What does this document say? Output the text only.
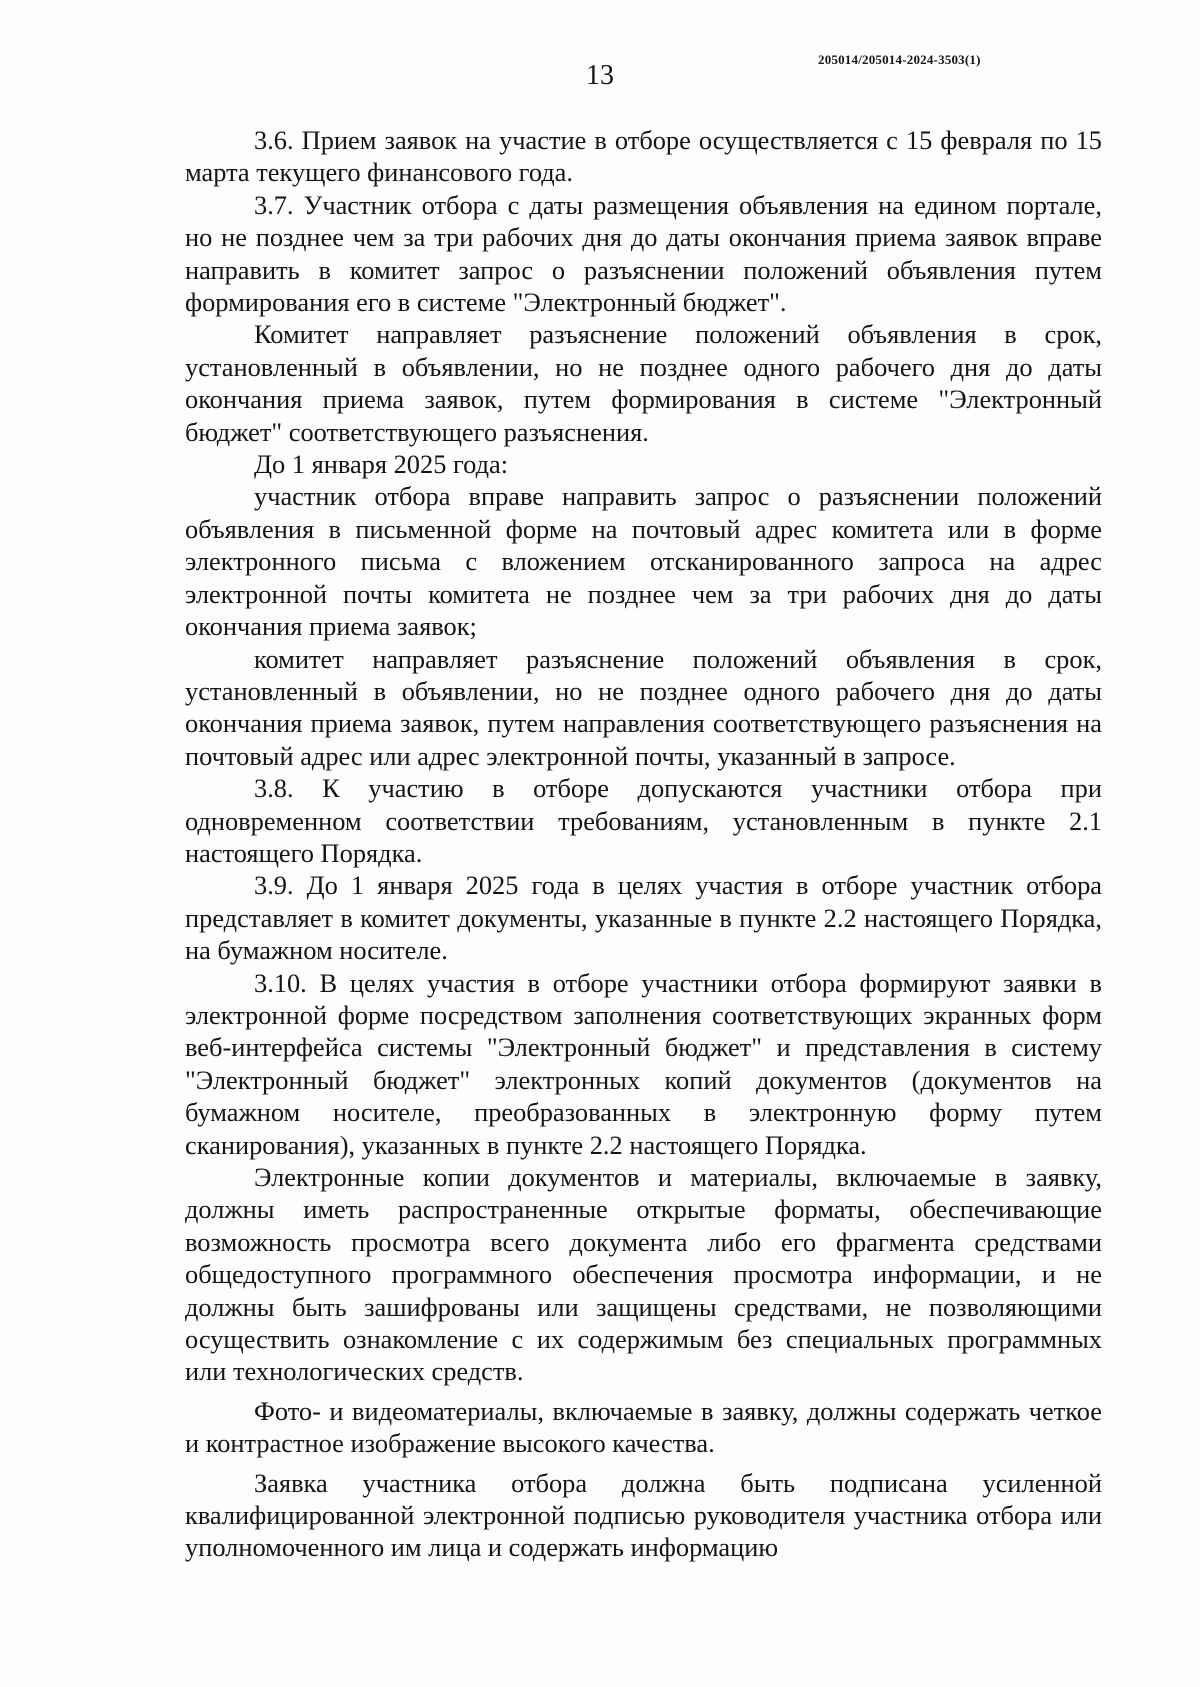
205014/205014-2024-3503(1)
13

3.6. Прием заявок на участие в отборе осуществляется с 15 февраля по 15 марта текущего финансового года.

3.7. Участник отбора с даты размещения объявления на едином портале, но не позднее чем за три рабочих дня до даты окончания приема заявок вправе направить в комитет запрос о разъяснении положений объявления путем формирования его в системе "Электронный бюджет".

Комитет направляет разъяснение положений объявления в срок, установленный в объявлении, но не позднее одного рабочего дня до даты окончания приема заявок, путем формирования в системе "Электронный бюджет" соответствующего разъяснения.

До 1 января 2025 года:

участник отбора вправе направить запрос о разъяснении положений объявления в письменной форме на почтовый адрес комитета или в форме электронного письма с вложением отсканированного запроса на адрес электронной почты комитета не позднее чем за три рабочих дня до даты окончания приема заявок;

комитет направляет разъяснение положений объявления в срок, установленный в объявлении, но не позднее одного рабочего дня до даты окончания приема заявок, путем направления соответствующего разъяснения на почтовый адрес или адрес электронной почты, указанный в запросе.

3.8. К участию в отборе допускаются участники отбора при одновременном соответствии требованиям, установленным в пункте 2.1 настоящего Порядка.

3.9. До 1 января 2025 года в целях участия в отборе участник отбора представляет в комитет документы, указанные в пункте 2.2 настоящего Порядка, на бумажном носителе.

3.10. В целях участия в отборе участники отбора формируют заявки в электронной форме посредством заполнения соответствующих экранных форм веб-интерфейса системы "Электронный бюджет" и представления в систему "Электронный бюджет" электронных копий документов (документов на бумажном носителе, преобразованных в электронную форму путем сканирования), указанных в пункте 2.2 настоящего Порядка.

Электронные копии документов и материалы, включаемые в заявку, должны иметь распространенные открытые форматы, обеспечивающие возможность просмотра всего документа либо его фрагмента средствами общедоступного программного обеспечения просмотра информации, и не должны быть зашифрованы или защищены средствами, не позволяющими осуществить ознакомление с их содержимым без специальных программных или технологических средств.

Фото- и видеоматериалы, включаемые в заявку, должны содержать четкое и контрастное изображение высокого качества.

Заявка участника отбора должна быть подписана усиленной квалифицированной электронной подписью руководителя участника отбора или уполномоченного им лица и содержать информацию
